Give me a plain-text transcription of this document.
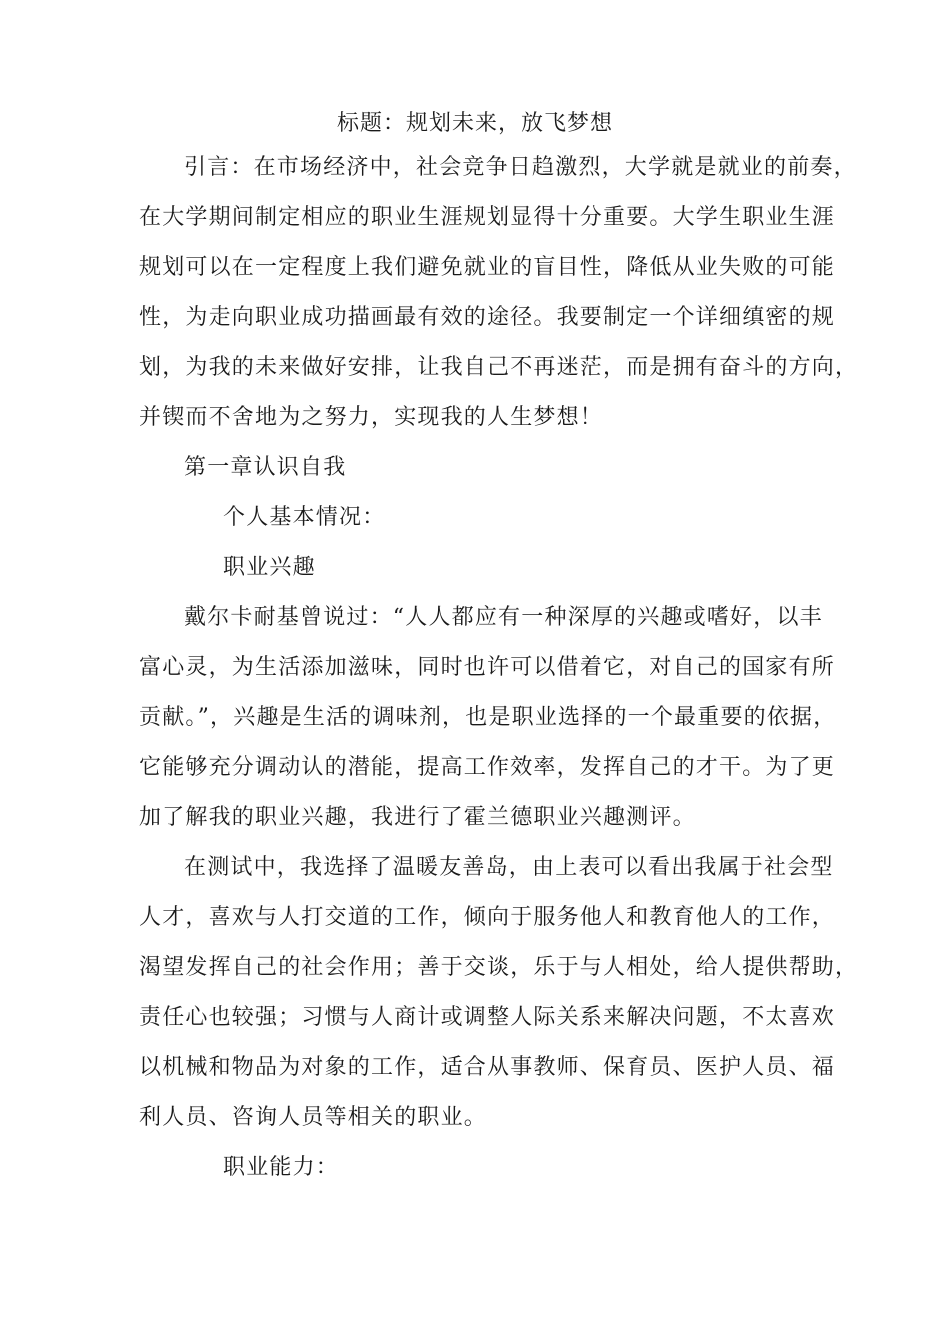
标题：规划未来，放飞梦想
引言：在市场经济中，社会竞争日趋激烈，大学就是就业的前奏，
在大学期间制定相应的职业生涯规划显得十分重要。大学生职业生涯
规划可以在一定程度上我们避免就业的盲目性，降低从业失败的可能
性，为走向职业成功描画最有效的途径。我要制定一个详细缜密的规
划，为我的未来做好安排，让我自己不再迷茫，而是拥有奋斗的方向，
并锲而不舍地为之努力，实现我的人生梦想！
第一章认识自我
个人基本情况：
职业兴趣
戴尔卡耐基曾说过：“人人都应有一种深厚的兴趣或嗜好，以丰
富心灵，为生活添加滋味，同时也许可以借着它，对自己的国家有所
贡献。”，兴趣是生活的调味剂，也是职业选择的一个最重要的依据，
它能够充分调动认的潜能，提高工作效率，发挥自己的才干。为了更
加了解我的职业兴趣，我进行了霍兰德职业兴趣测评。
在测试中，我选择了温暖友善岛，由上表可以看出我属于社会型
人才，喜欢与人打交道的工作，倾向于服务他人和教育他人的工作，
渴望发挥自己的社会作用；善于交谈，乐于与人相处，给人提供帮助，
责任心也较强；习惯与人商计或调整人际关系来解决问题，不太喜欢
以机械和物品为对象的工作，适合从事教师、保育员、医护人员、福
利人员、咨询人员等相关的职业。
职业能力：
